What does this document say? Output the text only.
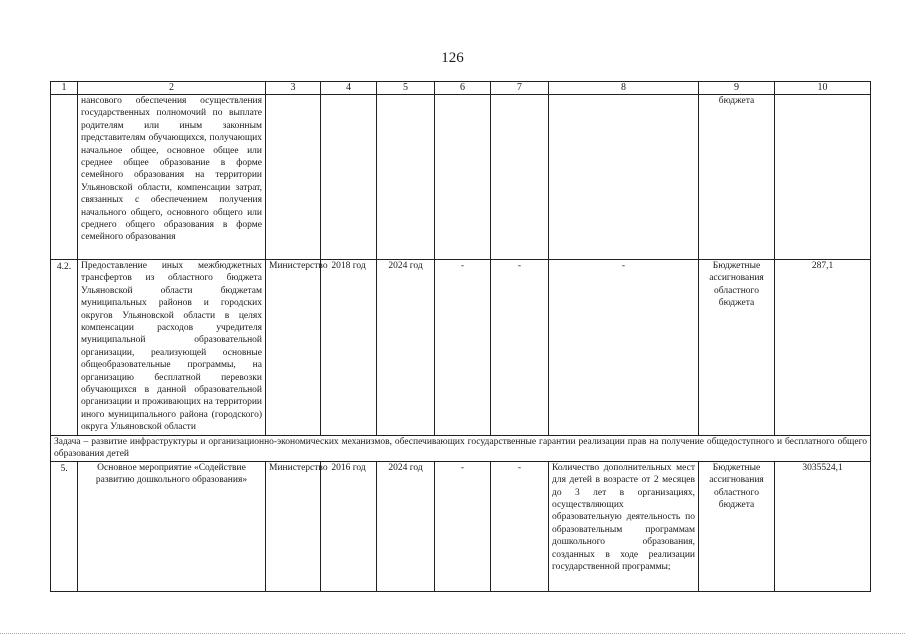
126
1	2	3	4	5	6	7	8	9	10
	нансового обеспечения осуществления государственных полномочий по выплате родителям или иным законным представителям обучающихся, получающих начальное общее, основное общее или среднее общее образование в форме семейного образования на территории Ульяновской области, компенсации затрат, связанных с обеспечением получения начального общего, основного общего или среднего общего образования в форме семейного образования							бюджета	
4.2.	Предоставление иных межбюджетных трансфертов из областного бюджета Ульяновской области бюджетам муниципальных районов и городских округов Ульяновской области в целях компенсации расходов учредителя муниципальной образовательной организации, реализующей основные общеобразовательные программы, на организацию бесплатной перевозки обучающихся в данной образовательной организации и проживающих на территории иного муниципального района (городского) округа Ульяновской области	Министерство	2018 год	2024 год	-	-	-	Бюджетные ассигнования областного бюджета	287,1
Задача – развитие инфраструктуры и организационно-экономических механизмов, обеспечивающих государственные гарантии реализации прав на получение общедоступного и бесплатного общего образования детей									
5.	Основное мероприятие «Содействие развитию дошкольного образования»	Министерство	2016 год	2024 год	-	-	Количество дополнительных мест для детей в возрасте от 2 месяцев до 3 лет в организациях, осуществляющих образовательную деятельность по образовательным программам дошкольного образования, созданных в ходе реализации государственной программы;	Бюджетные ассигнования областного бюджета	3035524,1
